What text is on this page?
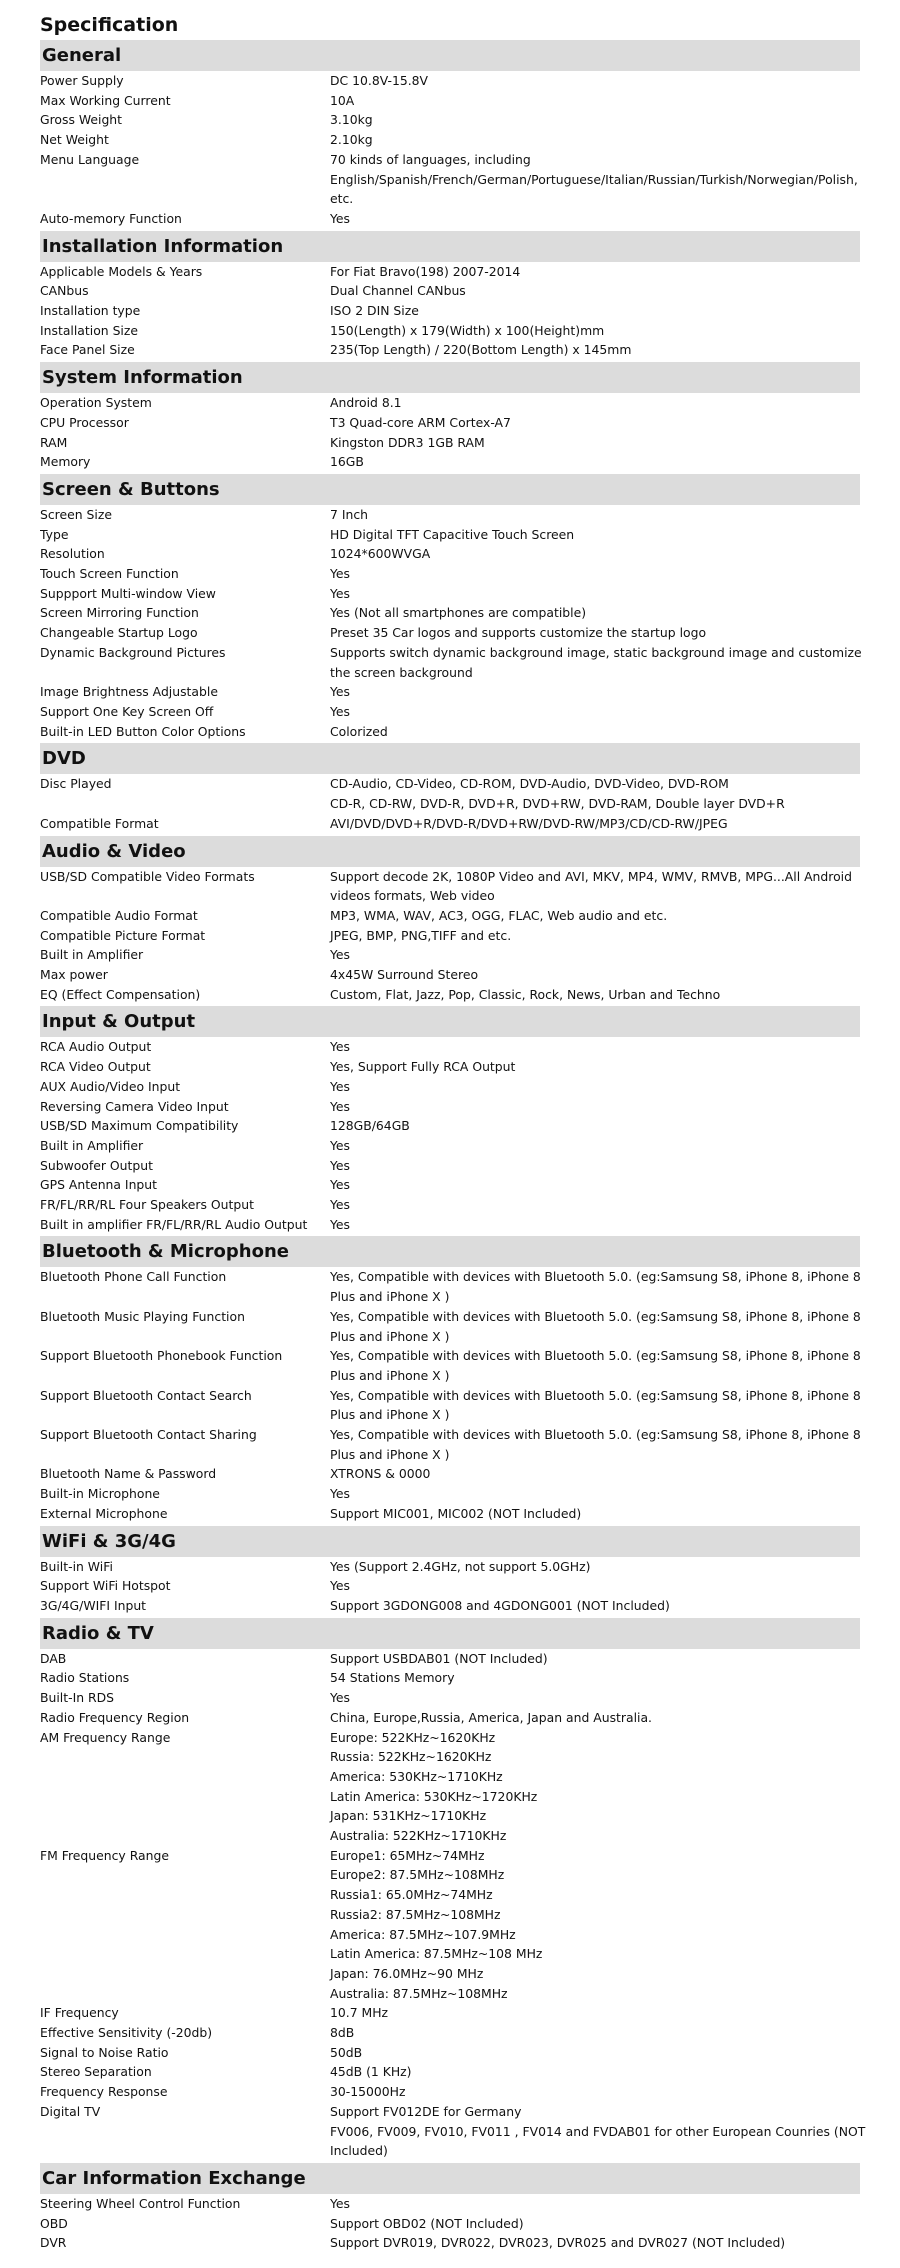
Specification
General
Power Supply	DC 10.8V-15.8V
Max Working Current	10A
Gross Weight	3.10kg
Net Weight	2.10kg
Menu Language	70 kinds of languages, including
English/Spanish/French/German/Portuguese/Italian/Russian/Turkish/Norwegian/Polish,
etc.
Auto-memory Function	Yes
Installation Information
Applicable Models & Years	For Fiat Bravo(198) 2007-2014
CANbus	Dual Channel CANbus
Installation type	ISO 2 DIN Size
Installation Size	150(Length) x 179(Width) x 100(Height)mm
Face Panel Size	235(Top Length) / 220(Bottom Length) x 145mm
System Information
Operation System	Android 8.1
CPU Processor	T3 Quad-core ARM Cortex-A7
RAM	Kingston DDR3 1GB RAM
Memory	16GB
Screen & Buttons
Screen Size	7 Inch
Type	HD Digital TFT Capacitive Touch Screen
Resolution	1024*600WVGA
Touch Screen Function	Yes
Suppport Multi-window View	Yes
Screen Mirroring Function	Yes (Not all smartphones are compatible)
Changeable Startup Logo	Preset 35 Car logos and supports customize the startup logo
Dynamic Background Pictures	Supports switch dynamic background image, static background image and customize
the screen background
Image Brightness Adjustable	Yes
Support One Key Screen Off	Yes
Built-in LED Button Color Options	Colorized
DVD
Disc Played	CD-Audio, CD-Video, CD-ROM, DVD-Audio, DVD-Video, DVD-ROM
CD-R, CD-RW, DVD-R, DVD+R, DVD+RW, DVD-RAM, Double layer DVD+R
Compatible Format	AVI/DVD/DVD+R/DVD-R/DVD+RW/DVD-RW/MP3/CD/CD-RW/JPEG
Audio & Video
USB/SD Compatible Video Formats	Support decode 2K, 1080P Video and AVI, MKV, MP4, WMV, RMVB, MPG...All Android
videos formats, Web video
Compatible Audio Format	MP3, WMA, WAV, AC3, OGG, FLAC, Web audio and etc.
Compatible Picture Format	JPEG, BMP, PNG,TIFF and etc.
Built in Amplifier	Yes
Max power	4x45W Surround Stereo
EQ (Effect Compensation)	Custom, Flat, Jazz, Pop, Classic, Rock, News, Urban and Techno
Input & Output
RCA Audio Output	Yes
RCA Video Output	Yes, Support Fully RCA Output
AUX Audio/Video Input	Yes
Reversing Camera Video Input	Yes
USB/SD Maximum Compatibility	128GB/64GB
Built in Amplifier	Yes
Subwoofer Output	Yes
GPS Antenna Input	Yes
FR/FL/RR/RL Four Speakers Output	Yes
Built in amplifier FR/FL/RR/RL Audio Output	Yes
Bluetooth & Microphone
Bluetooth Phone Call Function	Yes, Compatible with devices with Bluetooth 5.0. (eg:Samsung S8, iPhone 8, iPhone 8
Plus and iPhone X )
Bluetooth Music Playing Function	Yes, Compatible with devices with Bluetooth 5.0. (eg:Samsung S8, iPhone 8, iPhone 8
Plus and iPhone X )
Support Bluetooth Phonebook Function	Yes, Compatible with devices with Bluetooth 5.0. (eg:Samsung S8, iPhone 8, iPhone 8
Plus and iPhone X )
Support Bluetooth Contact Search	Yes, Compatible with devices with Bluetooth 5.0. (eg:Samsung S8, iPhone 8, iPhone 8
Plus and iPhone X )
Support Bluetooth Contact Sharing	Yes, Compatible with devices with Bluetooth 5.0. (eg:Samsung S8, iPhone 8, iPhone 8
Plus and iPhone X )
Bluetooth Name & Password	XTRONS & 0000
Built-in Microphone	Yes
External Microphone	Support MIC001, MIC002 (NOT Included)
WiFi & 3G/4G
Built-in WiFi	Yes (Support 2.4GHz, not support 5.0GHz)
Support WiFi Hotspot	Yes
3G/4G/WIFI Input	Support 3GDONG008 and 4GDONG001 (NOT Included)
Radio & TV
DAB	Support USBDAB01 (NOT Included)
Radio Stations	54 Stations Memory
Built-In RDS	Yes
Radio Frequency Region	China, Europe,Russia, America, Japan and Australia.
AM Frequency Range	Europe: 522KHz~1620KHz
Russia: 522KHz~1620KHz
America: 530KHz~1710KHz
Latin America: 530KHz~1720KHz
Japan: 531KHz~1710KHz
Australia: 522KHz~1710KHz
FM Frequency Range	Europe1: 65MHz~74MHz
Europe2: 87.5MHz~108MHz
Russia1: 65.0MHz~74MHz
Russia2: 87.5MHz~108MHz
America: 87.5MHz~107.9MHz
Latin America: 87.5MHz~108 MHz
Japan: 76.0MHz~90 MHz
Australia: 87.5MHz~108MHz
IF Frequency	10.7 MHz
Effective Sensitivity (-20db)	8dB
Signal to Noise Ratio	50dB
Stereo Separation	45dB (1 KHz)
Frequency Response	30-15000Hz
Digital TV	Support FV012DE for Germany
FV006, FV009, FV010, FV011 , FV014 and FVDAB01 for other European Counries (NOT
Included)
Car Information Exchange
Steering Wheel Control Function	Yes
OBD	Support OBD02 (NOT Included)
DVR	Support DVR019, DVR022, DVR023, DVR025 and DVR027 (NOT Included)
